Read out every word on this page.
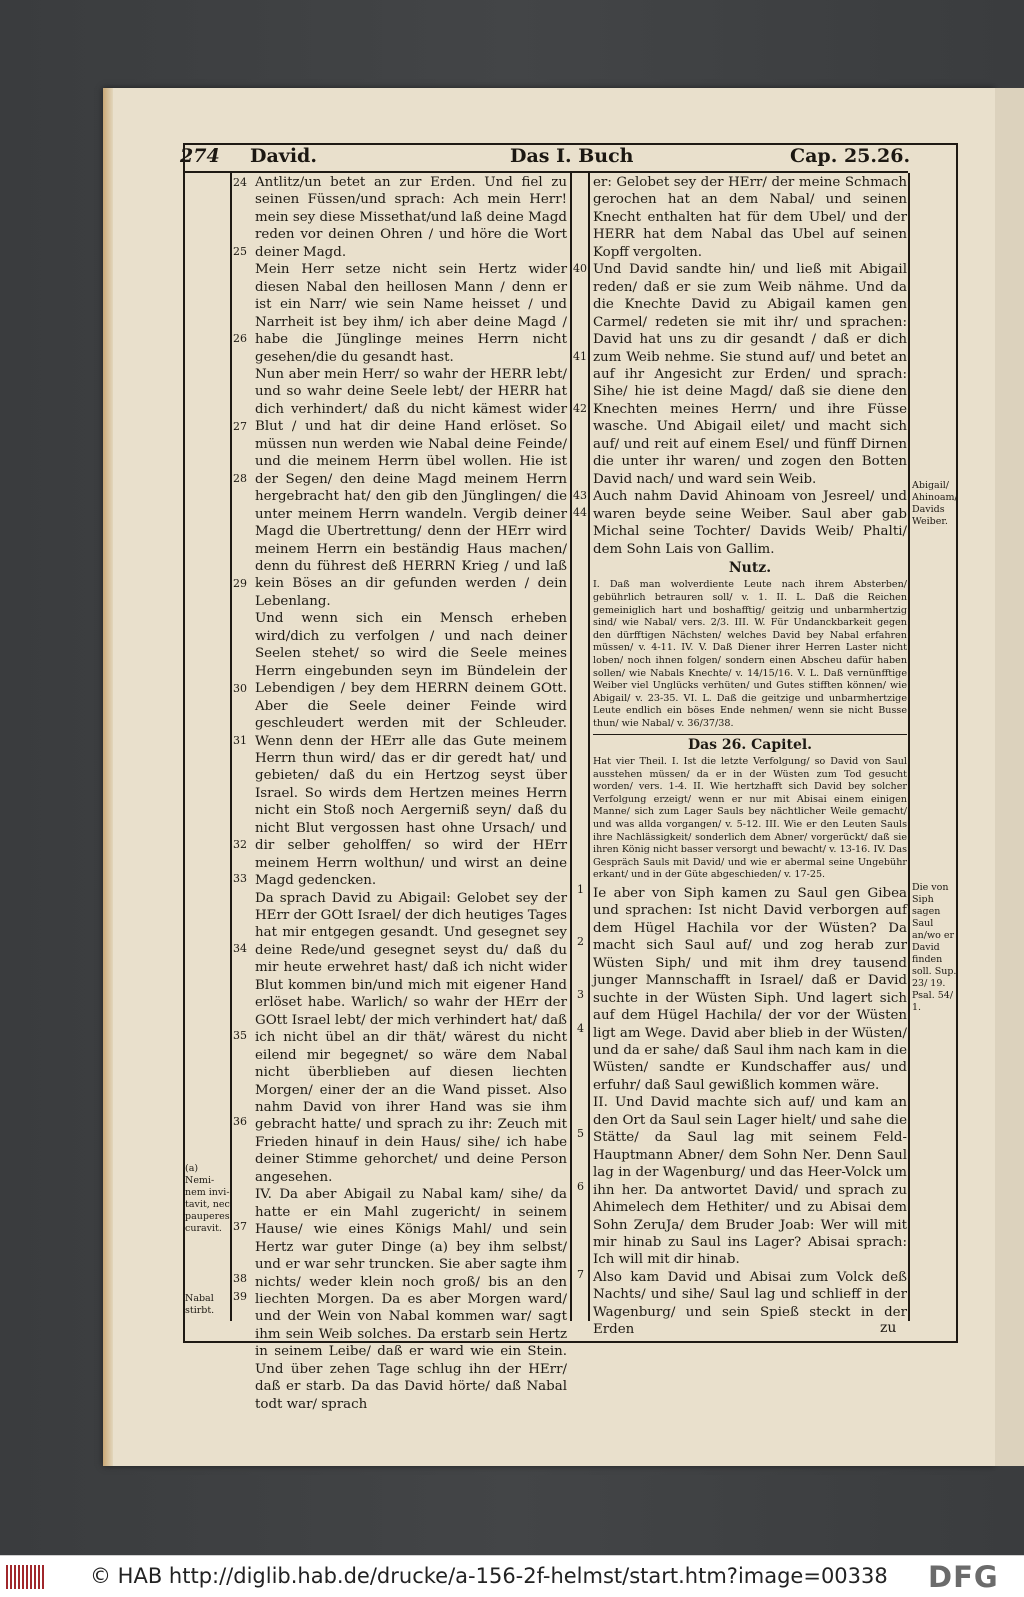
274 David.	Das I. Buch	Cap. 25.26.
24
25
26
27
28
29
30
31
32
33
34
35
36
37
38
39
40
41
42
43
44
1
2
3
4
5
6
7

Antlitz/un betet an zur Erden. Und fiel zu seinen Füssen/und sprach: Ach mein Herr! mein sey diese Missethat/und laß deine Magd reden vor deinen Ohren / und höre die Wort deiner Magd.

Mein Herr setze nicht sein Hertz wider diesen Nabal den heillosen Mann / denn er ist ein Narr/ wie sein Name heisset / und Narrheit ist bey ihm/ ich aber deine Magd / habe die Jünglinge meines Herrn nicht gesehen/die du gesandt hast.

Nun aber mein Herr/ so wahr der HERR lebt/ und so wahr deine Seele lebt/ der HERR hat dich verhindert/ daß du nicht kämest wider Blut / und hat dir deine Hand erlöset. So müssen nun werden wie Nabal deine Feinde/ und die meinem Herrn übel wollen. Hie ist der Segen/ den deine Magd meinem Herrn hergebracht hat/ den gib den Jünglingen/ die unter meinem Herrn wandeln. Vergib deiner Magd die Ubertrettung/ denn der HErr wird meinem Herrn ein beständig Haus machen/ denn du führest deß HERRN Krieg / und laß kein Böses an dir gefunden werden / dein Lebenlang.

Und wenn sich ein Mensch erheben wird/dich zu verfolgen / und nach deiner Seelen stehet/ so wird die Seele meines Herrn eingebunden seyn im Bündelein der Lebendigen / bey dem HERRN deinem GOtt. Aber die Seele deiner Feinde wird geschleudert werden mit der Schleuder. Wenn denn der HErr alle das Gute meinem Herrn thun wird/ das er dir geredt hat/ und gebieten/ daß du ein Hertzog seyst über Israel. So wirds dem Hertzen meines Herrn nicht ein Stoß noch Aergerniß seyn/ daß du nicht Blut vergossen hast ohne Ursach/ und dir selber geholffen/ so wird der HErr meinem Herrn wolthun/ und wirst an deine Magd gedencken.

Da sprach David zu Abigail: Gelobet sey der HErr der GOtt Israel/ der dich heutiges Tages hat mir entgegen gesandt. Und gesegnet sey deine Rede/und gesegnet seyst du/ daß du mir heute erwehret hast/ daß ich nicht wider Blut kommen bin/und mich mit eigener Hand erlöset habe. Warlich/ so wahr der HErr der GOtt Israel lebt/ der mich verhindert hat/ daß ich nicht übel an dir thät/ wärest du nicht eilend mir begegnet/ so wäre dem Nabal nicht überblieben auf diesen liechten Morgen/ einer der an die Wand pisset. Also nahm David von ihrer Hand was sie ihm gebracht hatte/ und sprach zu ihr: Zeuch mit Frieden hinauf in dein Haus/ sihe/ ich habe deiner Stimme gehorchet/ und deine Person angesehen.

IV. Da aber Abigail zu Nabal kam/ sihe/ da hatte er ein Mahl zugericht/ in seinem Hause/ wie eines Königs Mahl/ und sein Hertz war guter Dinge (a) bey ihm selbst/ und er war sehr truncken. Sie aber sagte ihm nichts/ weder klein noch groß/ bis an den liechten Morgen. Da es aber Morgen ward/ und der Wein von Nabal kommen war/ sagt ihm sein Weib solches. Da erstarb sein Hertz in seinem Leibe/ daß er ward wie ein Stein. Und über zehen Tage schlug ihn der HErr/ daß er starb. Da das David hörte/ daß Nabal todt war/ sprach

er: Gelobet sey der HErr/ der meine Schmach gerochen hat an dem Nabal/ und seinen Knecht enthalten hat für dem Ubel/ und der HERR hat dem Nabal das Ubel auf seinen Kopff vergolten.

Und David sandte hin/ und ließ mit Abigail reden/ daß er sie zum Weib nähme. Und da die Knechte David zu Abigail kamen gen Carmel/ redeten sie mit ihr/ und sprachen: David hat uns zu dir gesandt / daß er dich zum Weib nehme. Sie stund auf/ und betet an auf ihr Angesicht zur Erden/ und sprach: Sihe/ hie ist deine Magd/ daß sie diene den Knechten meines Herrn/ und ihre Füsse wasche. Und Abigail eilet/ und macht sich auf/ und reit auf einem Esel/ und fünff Dirnen die unter ihr waren/ und zogen den Botten David nach/ und ward sein Weib.

Auch nahm David Ahinoam von Jesreel/ und waren beyde seine Weiber. Saul aber gab Michal seine Tochter/ Davids Weib/ Phalti/ dem Sohn Lais von Gallim.

Nutz.

I. Daß man wolverdiente Leute nach ihrem Absterben/ gebührlich betrauren soll/ v. 1. II. L. Daß die Reichen gemeiniglich hart und boshafftig/ geitzig und unbarmhertzig sind/ wie Nabal/ vers. 2/3. III. W. Für Undanckbarkeit gegen den dürfftigen Nächsten/ welches David bey Nabal erfahren müssen/ v. 4-11. IV. V. Daß Diener ihrer Herren Laster nicht loben/ noch ihnen folgen/ sondern einen Abscheu dafür haben sollen/ wie Nabals Knechte/ v. 14/15/16. V. L. Daß vernünfftige Weiber viel Unglücks verhüten/ und Gutes stifften können/ wie Abigail/ v. 23-35. VI. L. Daß die geitzige und unbarmhertzige Leute endlich ein böses Ende nehmen/ wenn sie nicht Busse thun/ wie Nabal/ v. 36/37/38.

Das 26. Capitel.

Hat vier Theil. I. Ist die letzte Verfolgung/ so David von Saul ausstehen müssen/ da er in der Wüsten zum Tod gesucht worden/ vers. 1-4. II. Wie hertzhafft sich David bey solcher Verfolgung erzeigt/ wenn er nur mit Abisai einem einigen Manne/ sich zum Lager Sauls bey nächtlicher Weile gemacht/ und was allda vorgangen/ v. 5-12. III. Wie er den Leuten Sauls ihre Nachlässigkeit/ sonderlich dem Abner/ vorgerückt/ daß sie ihren König nicht basser versorgt und bewacht/ v. 13-16. IV. Das Gespräch Sauls mit David/ und wie er abermal seine Ungebühr erkant/ und in der Güte abgeschieden/ v. 17-25.

Ie aber von Siph kamen zu Saul gen Gibea und sprachen: Ist nicht David verborgen auf dem Hügel Hachila vor der Wüsten? Da macht sich Saul auf/ und zog herab zur Wüsten Siph/ und mit ihm drey tausend junger Mannschafft in Israel/ daß er David suchte in der Wüsten Siph. Und lagert sich auf dem Hügel Hachila/ der vor der Wüsten ligt am Wege. David aber blieb in der Wüsten/ und da er sahe/ daß Saul ihm nach kam in die Wüsten/ sandte er Kundschaffer aus/ und erfuhr/ daß Saul gewißlich kommen wäre.

II. Und David machte sich auf/ und kam an den Ort da Saul sein Lager hielt/ und sahe die Stätte/ da Saul lag mit seinem Feld-Hauptmann Abner/ dem Sohn Ner. Denn Saul lag in der Wagenburg/ und das Heer-Volck um ihn her. Da antwortet David/ und sprach zu Ahimelech dem Hethiter/ und zu Abisai dem Sohn ZeruJa/ dem Bruder Joab: Wer will mit mir hinab zu Saul ins Lager? Abisai sprach: Ich will mit dir hinab.

Also kam David und Abisai zum Volck deß Nachts/ und sihe/ Saul lag und schlieff in der Wagenburg/ und sein Spieß steckt in der Erden

Abigail/ Ahinoam/ Davids Weiber.
Die von Siph sagen Saul an/wo er David finden soll. Sup. 23/ 19. Psal. 54/ 1.
(a) Nemi- nem invi- tavit, nec pauperes curavit.
Nabal stirbt.
zu
© HAB http://diglib.hab.de/drucke/a-156-2f-helmst/start.htm?image=00338 DFG
